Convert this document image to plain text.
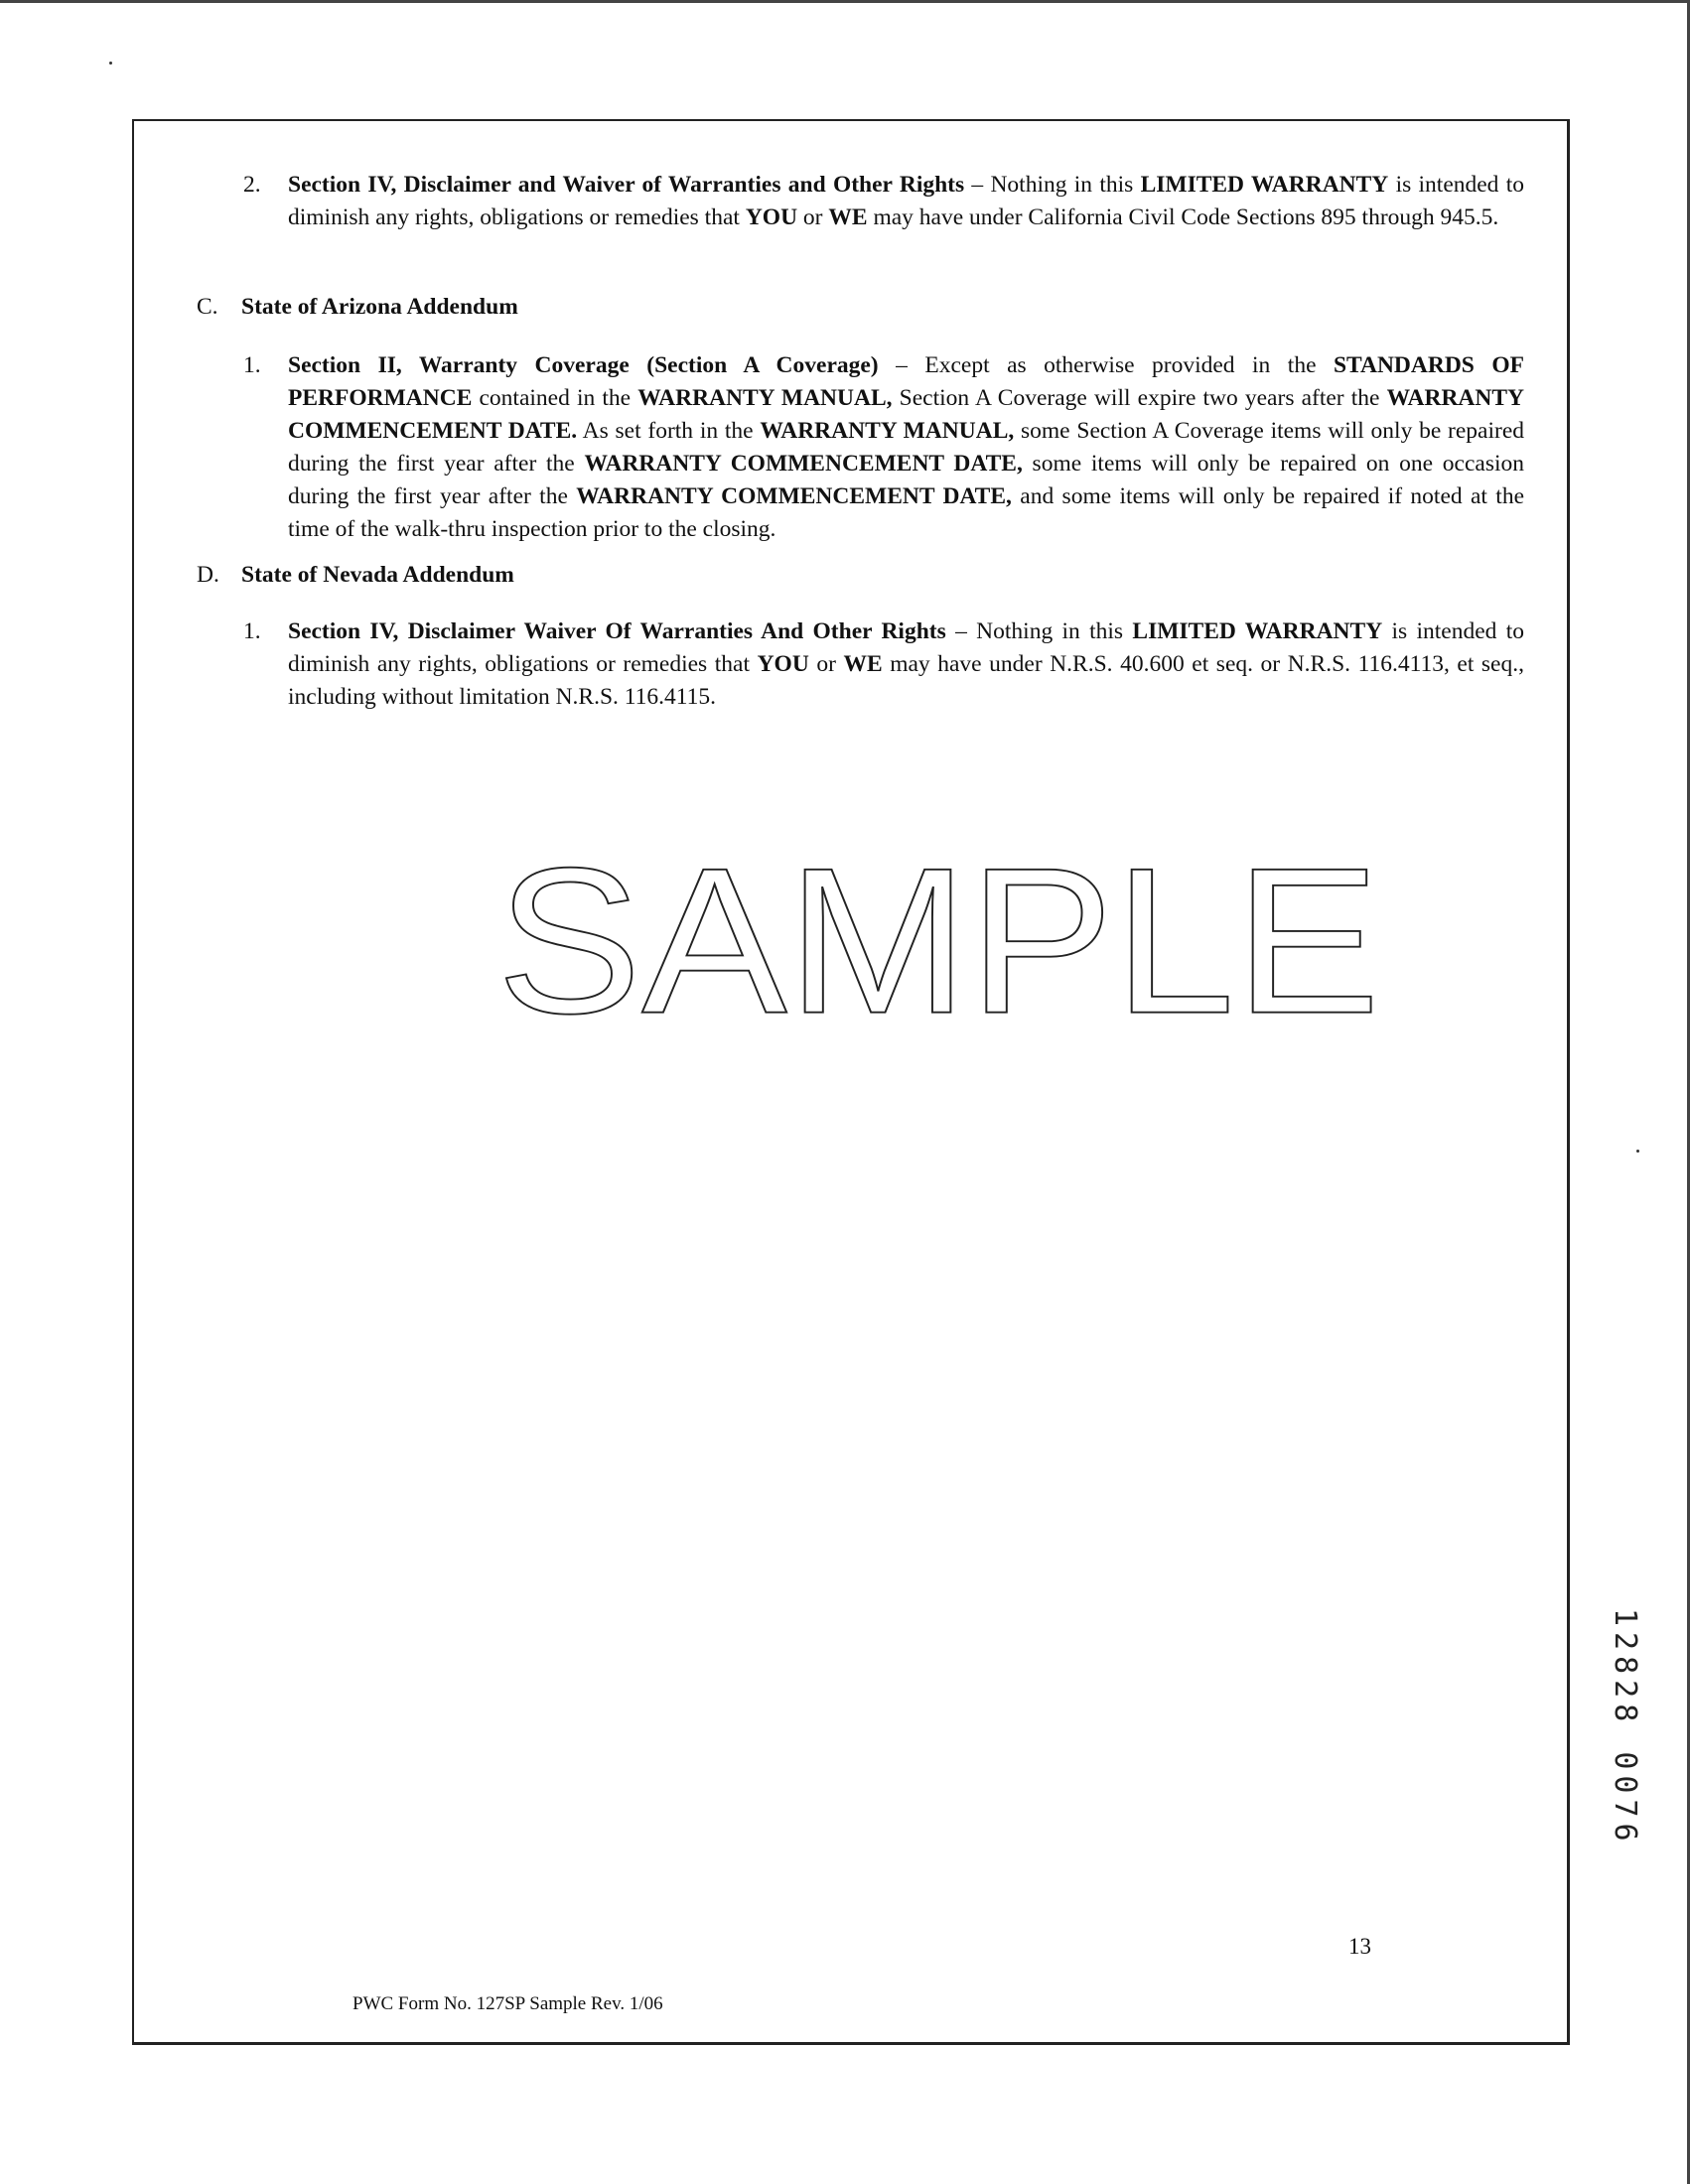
2. Section IV, Disclaimer and Waiver of Warranties and Other Rights – Nothing in this LIMITED WARRANTY is intended to diminish any rights, obligations or remedies that YOU or WE may have under California Civil Code Sections 895 through 945.5.
C. State of Arizona Addendum
1. Section II, Warranty Coverage (Section A Coverage) – Except as otherwise provided in the STANDARDS OF PERFORMANCE contained in the WARRANTY MANUAL, Section A Coverage will expire two years after the WARRANTY COMMENCEMENT DATE. As set forth in the WARRANTY MANUAL, some Section A Coverage items will only be repaired during the first year after the WARRANTY COMMENCEMENT DATE, some items will only be repaired on one occasion during the first year after the WARRANTY COMMENCEMENT DATE, and some items will only be repaired if noted at the time of the walk-thru inspection prior to the closing.
D. State of Nevada Addendum
1. Section IV, Disclaimer Waiver Of Warranties And Other Rights – Nothing in this LIMITED WARRANTY is intended to diminish any rights, obligations or remedies that YOU or WE may have under N.R.S. 40.600 et seq. or N.R.S. 116.4113, et seq., including without limitation N.R.S. 116.4115.
SAMPLE
13
PWC Form No. 127SP Sample Rev. 1/06
12828 0076
